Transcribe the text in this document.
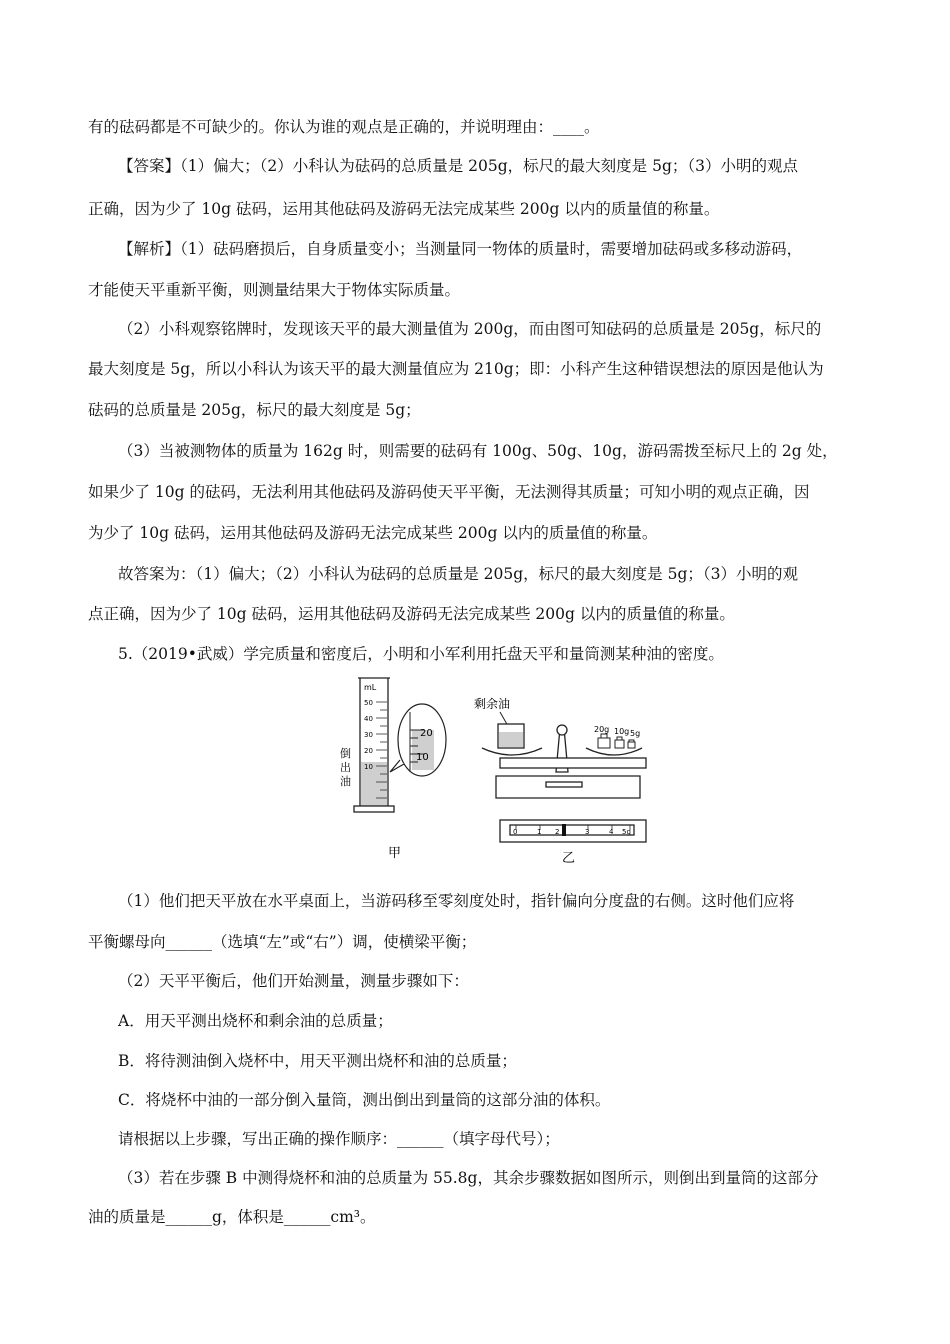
有的砝码都是不可缺少的。你认为谁的观点是正确的，并说明理由：____。
【答案】（1）偏大；（2）小科认为砝码的总质量是 205g，标尺的最大刻度是 5g；（3）小明的观点
正确，因为少了 10g 砝码，运用其他砝码及游码无法完成某些 200g 以内的质量值的称量。
【解析】（1）砝码磨损后，自身质量变小；当测量同一物体的质量时，需要增加砝码或多移动游码，
才能使天平重新平衡，则测量结果大于物体实际质量。
（2）小科观察铭牌时，发现该天平的最大测量值为 200g，而由图可知砝码的总质量是 205g，标尺的
最大刻度是 5g，所以小科认为该天平的最大测量值应为 210g；即：小科产生这种错误想法的原因是他认为
砝码的总质量是 205g，标尺的最大刻度是 5g；
（3）当被测物体的质量为 162g 时，则需要的砝码有 100g、50g、10g，游码需拨至标尺上的 2g 处，
如果少了 10g 的砝码，无法利用其他砝码及游码使天平平衡，无法测得其质量；可知小明的观点正确，因
为少了 10g 砝码，运用其他砝码及游码无法完成某些 200g 以内的质量值的称量。
故答案为：（1）偏大；（2）小科认为砝码的总质量是 205g，标尺的最大刻度是 5g；（3）小明的观
点正确，因为少了 10g 砝码，运用其他砝码及游码无法完成某些 200g 以内的质量值的称量。
5.（2019•武威）学完质量和密度后，小明和小军利用托盘天平和量筒测某种油的密度。
mL
50
40
30
20
10
倒
出
油
20
10
甲
剩余油
20g 10g 5g
0	1 2	3	4 5g
乙
（1）他们把天平放在水平桌面上，当游码移至零刻度处时，指针偏向分度盘的右侧。这时他们应将
平衡螺母向______（选填“左”或“右”）调，使横梁平衡；
（2）天平平衡后，他们开始测量，测量步骤如下：
A．用天平测出烧杯和剩余油的总质量；
B．将待测油倒入烧杯中，用天平测出烧杯和油的总质量；
C．将烧杯中油的一部分倒入量筒，测出倒出到量筒的这部分油的体积。
请根据以上步骤，写出正确的操作顺序：______（填字母代号）；
（3）若在步骤 B 中测得烧杯和油的总质量为 55.8g，其余步骤数据如图所示，则倒出到量筒的这部分
油的质量是______g，体积是______cm³。
